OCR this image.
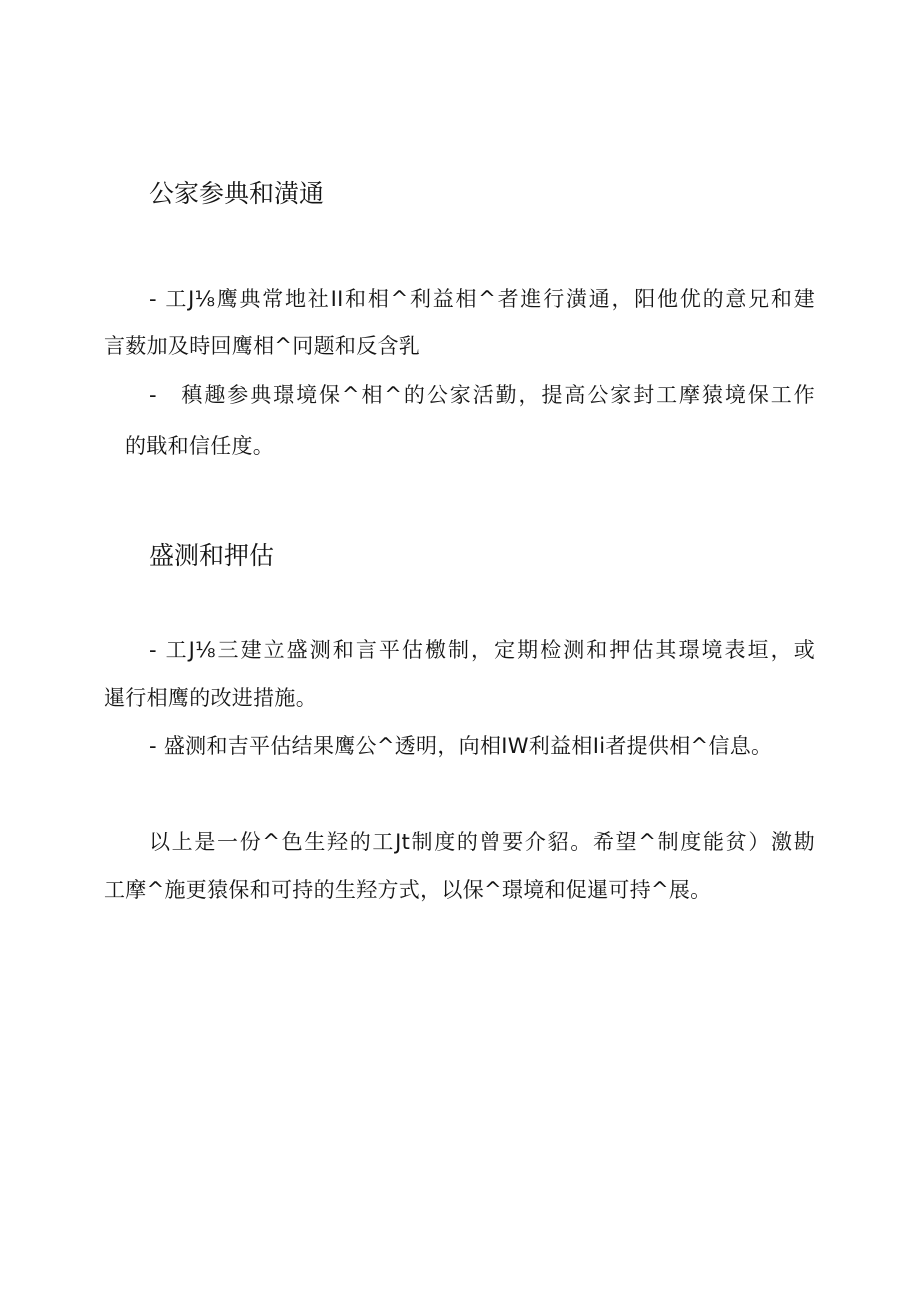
公家参典和潢通

- 工J⅛鹰典常地社II和相^利益相^者進行潢通，阳他优的意兄和建

言薮加及時回鹰相^冋题和反含乳

-　稹趣参典璟境保^相^的公家活勤，提高公家封工摩猿境保工作

的戢和信任度。

盛测和押估

- 工J⅛三建立盛测和言平估檄制，定期检测和押估其璟境表垣，或

暹行相鹰的改进措施。

- 盛测和吉平估结果鹰公^透明，向相IW利益相Ii者提供相^信息。

以上是一份^色生羟的工Jt制度的曾要介貂。希望^制度能贫）激勘

工摩^施更猿保和可持的生羟方式，以保^璟境和促暹可持^展。
